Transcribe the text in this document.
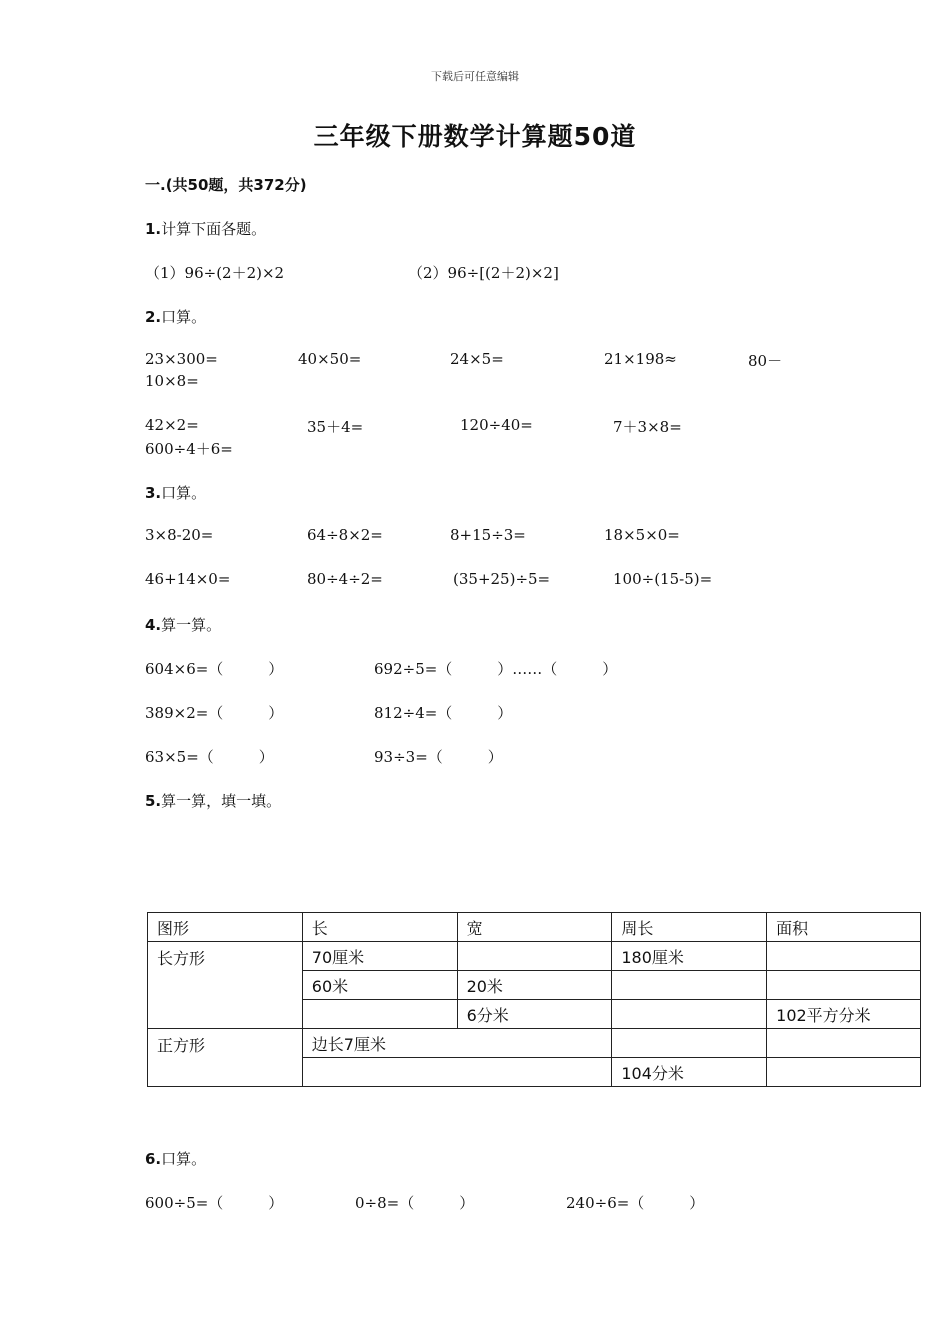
下载后可任意编辑
三年级下册数学计算题50道
一.(共50题，共372分)
1.计算下面各题。
（1）96÷(2＋2)×2	（2）96÷[(2＋2)×2]
2.口算。
23×300=	40×50=	24×5=	21×198≈	80－
10×8=
42×2=	35＋4=	120÷40=	7＋3×8=
600÷4＋6=
3.口算。
3×8-20=	64÷8×2=	8+15÷3=	18×5×0=
46+14×0=	80÷4÷2=	(35+25)÷5=	100÷(15-5)=
4.算一算。
604×6=（　　　）	692÷5=（　　　）……（　　　）
389×2=（　　　）	812÷4=（　　　）
63×5=（　　　）	93÷3=（　　　）
5.算一算，填一填。
图形	长	宽	周长	面积
长方形	70厘米		180厘米	
	60米	20米		
		6分米		102平方分米
正方形	边长7厘米			
			104分米	
6.口算。
600÷5=（　　　）	0÷8=（　　　）	240÷6=（　　　）
